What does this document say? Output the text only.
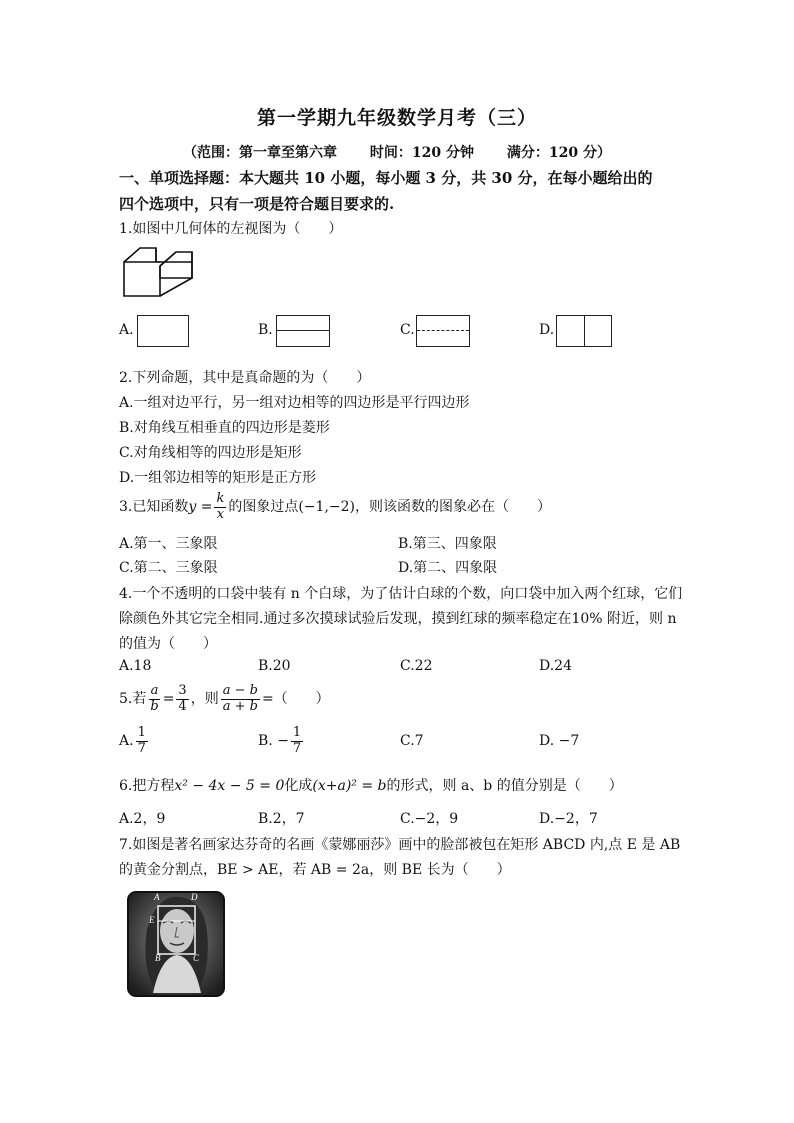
第一学期九年级数学月考（三）
（范围：第一章至第六章 时间：120 分钟 满分：120 分）
一、单项选择题：本大题共 10 小题，每小题 3 分，共 30 分，在每小题给出的
四个选项中，只有一项是符合题目要求的.
1.如图中几何体的左视图为（　　）
A.	B.	C.	D.
2.下列命题，其中是真命题的为（　　）
A.一组对边平行，另一组对边相等的四边形是平行四边形
B.对角线互相垂直的四边形是菱形
C.对角线相等的四边形是矩形
D.一组邻边相等的矩形是正方形
3.已知函数$y = \frac{k}{x}$ 的图象过点(−1,−2)，则该函数的图象必在（　　）
A.第一、三象限	B.第三、四象限
C.第二、三象限	D.第二、四象限
4.一个不透明的口袋中装有 n 个白球，为了估计白球的个数，向口袋中加入两个红球，它们
除颜色外其它完全相同.通过多次摸球试验后发现，摸到红球的频率稳定在10% 附近，则 n
的值为（　　）
A.18	B.20	C.22	D.24
5.若 $\frac{a}{b} = \frac{3}{4}$ ，则 $\frac{a - b}{a + b}$ =（　　）
A. $\frac{1}{7}$	B. − $\frac{1}{7}$	C.7	D. −7
6.把方程x² − 4x − 5 = 0化成(x+a)² = b的形式，则 a、b 的值分别是（　　）
A.2，9	B.2，7	C.−2，9	D.−2，7
7.如图是著名画家达芬奇的名画《蒙娜丽莎》画中的脸部被包在矩形 ABCD 内,点 E 是 AB
的黄金分割点，BE > AE，若 AB = 2a，则 BE 长为（　　）
A	D
E
B	C
